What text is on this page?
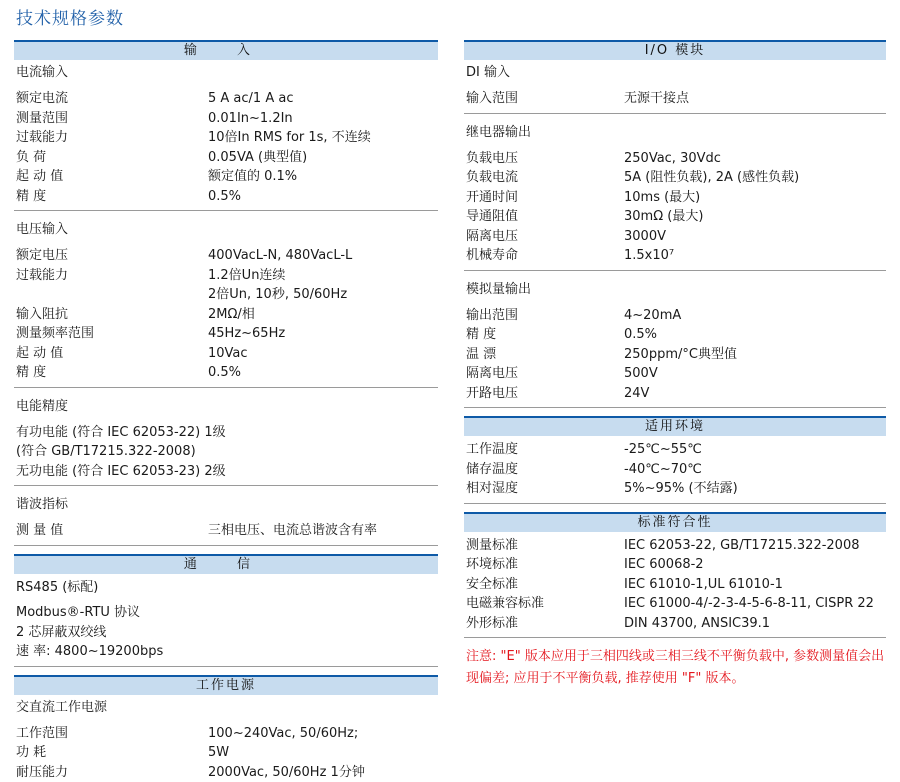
技术规格参数
输 入
电流输入
额定电流	5 A ac/1 A ac
测量范围	0.01In~1.2In
过载能力	10倍In RMS for 1s, 不连续
负 荷	0.05VA (典型值)
起 动 值	额定值的 0.1%
精 度	0.5%
电压输入
额定电压	400VacL-N, 480VacL-L
过载能力	1.2倍Un连续
2倍Un, 10秒, 50/60Hz
输入阻抗	2MΩ/相
测量频率范围	45Hz~65Hz
起 动 值	10Vac
精 度	0.5%
电能精度
有功电能 (符合 IEC 62053-22) 1级
(符合 GB/T17215.322-2008)
无功电能 (符合 IEC 62053-23) 2级
谐波指标
测 量 值	三相电压、电流总谐波含有率
通 信
RS485 (标配)
Modbus®-RTU 协议
2 芯屏蔽双绞线
速 率: 4800~19200bps
工作电源
交直流工作电源
工作范围	100~240Vac, 50/60Hz;
功 耗	5W
耐压能力	2000Vac, 50/60Hz 1分钟
I/O 模块
DI 输入
输入范围	无源干接点
继电器输出
负载电压	250Vac, 30Vdc
负载电流	5A (阻性负载), 2A (感性负载)
开通时间	10ms (最大)
导通阻值	30mΩ (最大)
隔离电压	3000V
机械寿命	1.5x10⁷
模拟量输出
输出范围	4~20mA
精 度	0.5%
温 漂	250ppm/°C典型值
隔离电压	500V
开路电压	24V
适用环境
工作温度	-25℃~55℃
储存温度	-40℃~70℃
相对湿度	5%~95% (不结露)
标准符合性
测量标准	IEC 62053-22, GB/T17215.322-2008
环境标准	IEC 60068-2
安全标准	IEC 61010-1,UL 61010-1
电磁兼容标准	IEC 61000-4/-2-3-4-5-6-8-11, CISPR 22
外形标准	DIN 43700, ANSIC39.1
注意: "E" 版本应用于三相四线或三相三线不平衡负载中, 参数测量值会出现偏差; 应用于不平衡负载, 推荐使用 "F" 版本。
